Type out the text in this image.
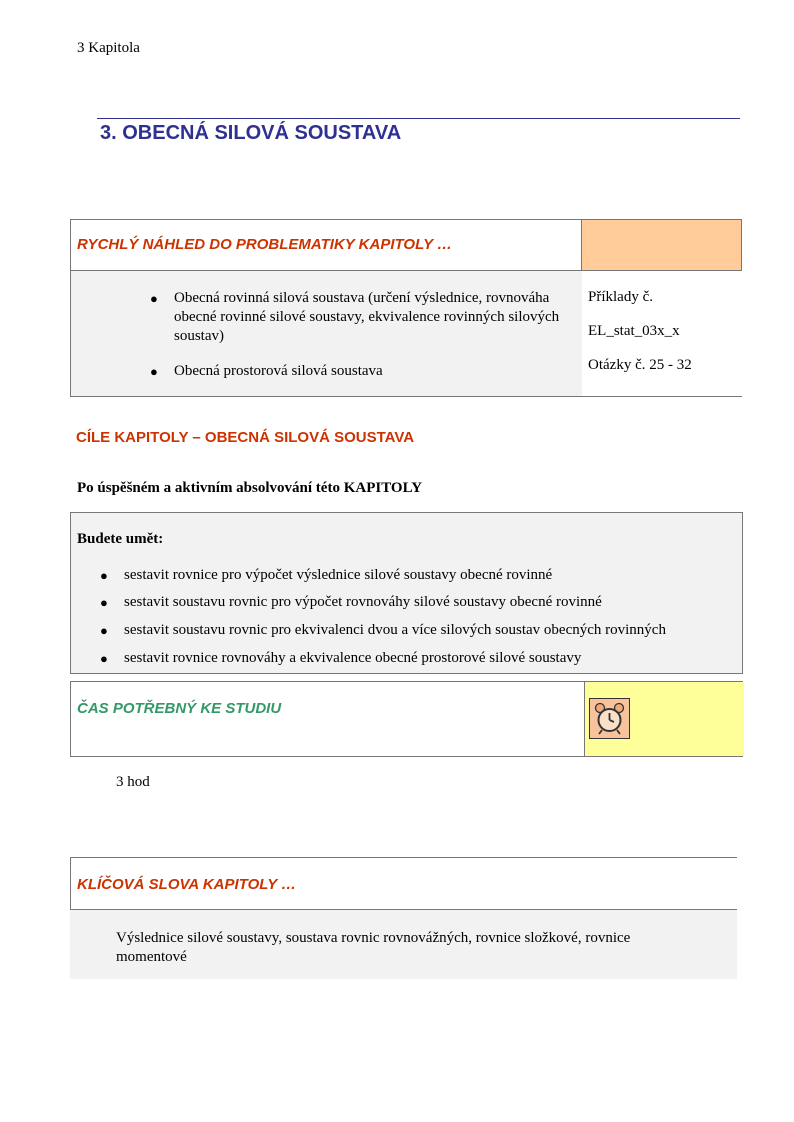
3 Kapitola
3. OBECNÁ SILOVÁ SOUSTAVA
RYCHLÝ NÁHLED DO PROBLEMATIKY KAPITOLY …
● Obecná rovinná silová soustava (určení výslednice, rovnováha obecné rovinné silové soustavy, ekvivalence rovinných silových soustav)
● Obecná prostorová silová soustava
Příklady č.
EL_stat_03x_x
Otázky č. 25 - 32
CÍLE KAPITOLY – OBECNÁ SILOVÁ SOUSTAVA
Po úspěšném a aktivním absolvování této KAPITOLY
Budete umět:
● sestavit rovnice pro výpočet výslednice silové soustavy obecné rovinné
● sestavit soustavu rovnic pro výpočet rovnováhy silové soustavy obecné rovinné
● sestavit soustavu rovnic pro ekvivalenci dvou a více silových soustav obecných rovinných
● sestavit rovnice rovnováhy a ekvivalence obecné prostorové silové soustavy
ČAS POTŘEBNÝ KE STUDIU
3 hod
KLÍČOVÁ SLOVA KAPITOLY …
Výslednice silové soustavy, soustava rovnic rovnovážných, rovnice složkové, rovnice momentové
